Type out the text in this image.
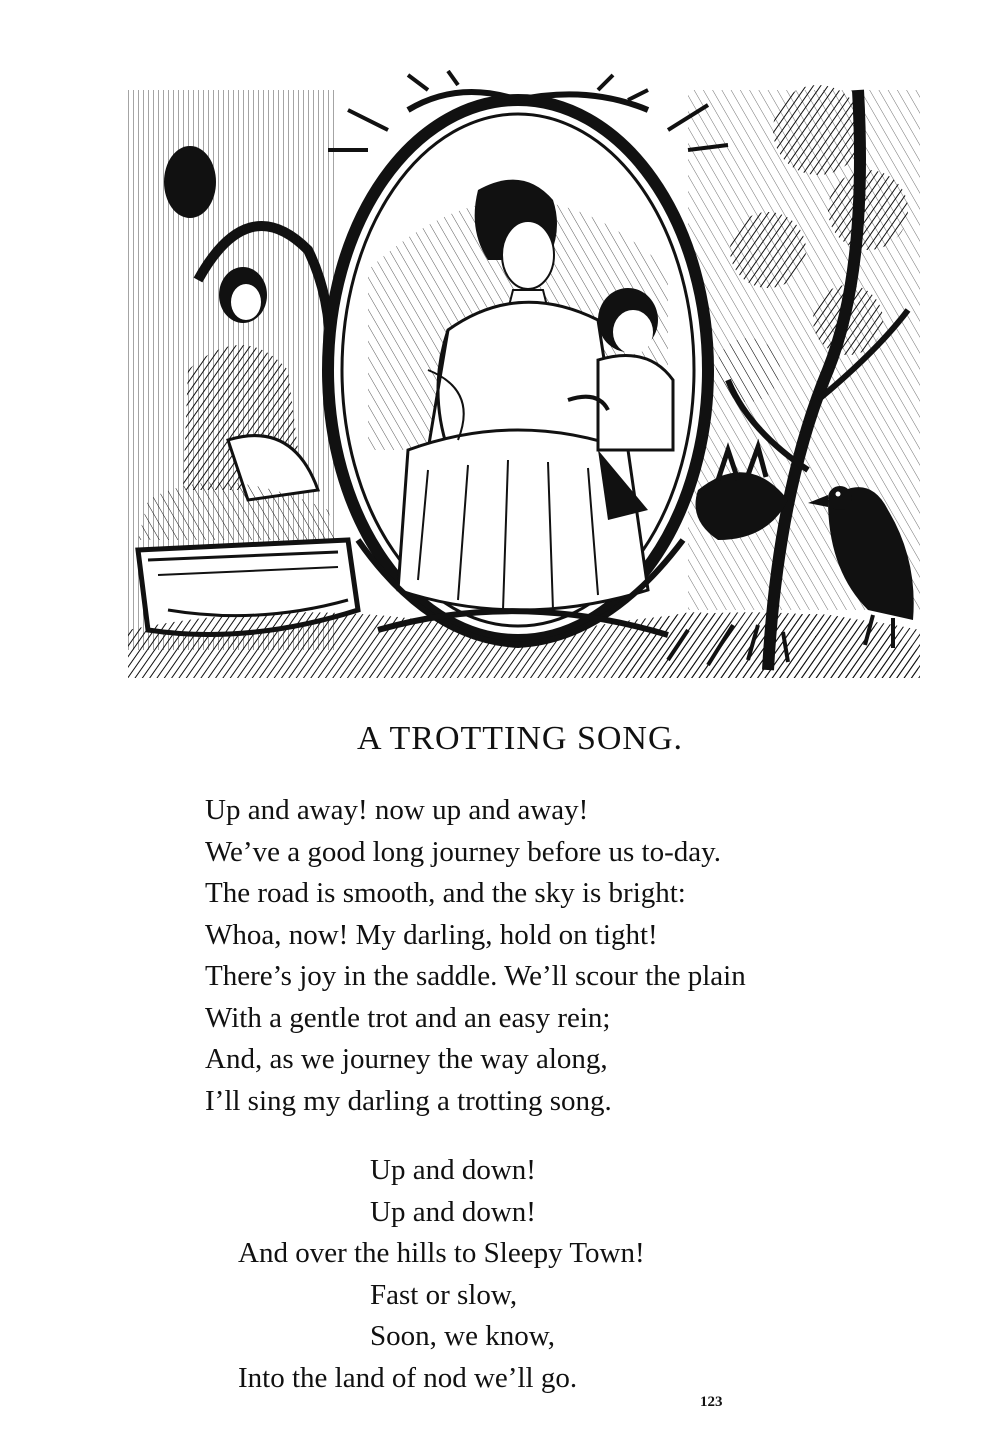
A TROTTING SONG.
Up and away! now up and away!
We’ve a good long journey before us to-day.
The road is smooth, and the sky is bright:
Whoa, now! My darling, hold on tight!
There’s joy in the saddle. We’ll scour the plain
With a gentle trot and an easy rein;
And, as we journey the way along,
I’ll sing my darling a trotting song.
Up and down!
Up and down!
And over the hills to Sleepy Town!
Fast or slow,
Soon, we know,
Into the land of nod we’ll go.
123
